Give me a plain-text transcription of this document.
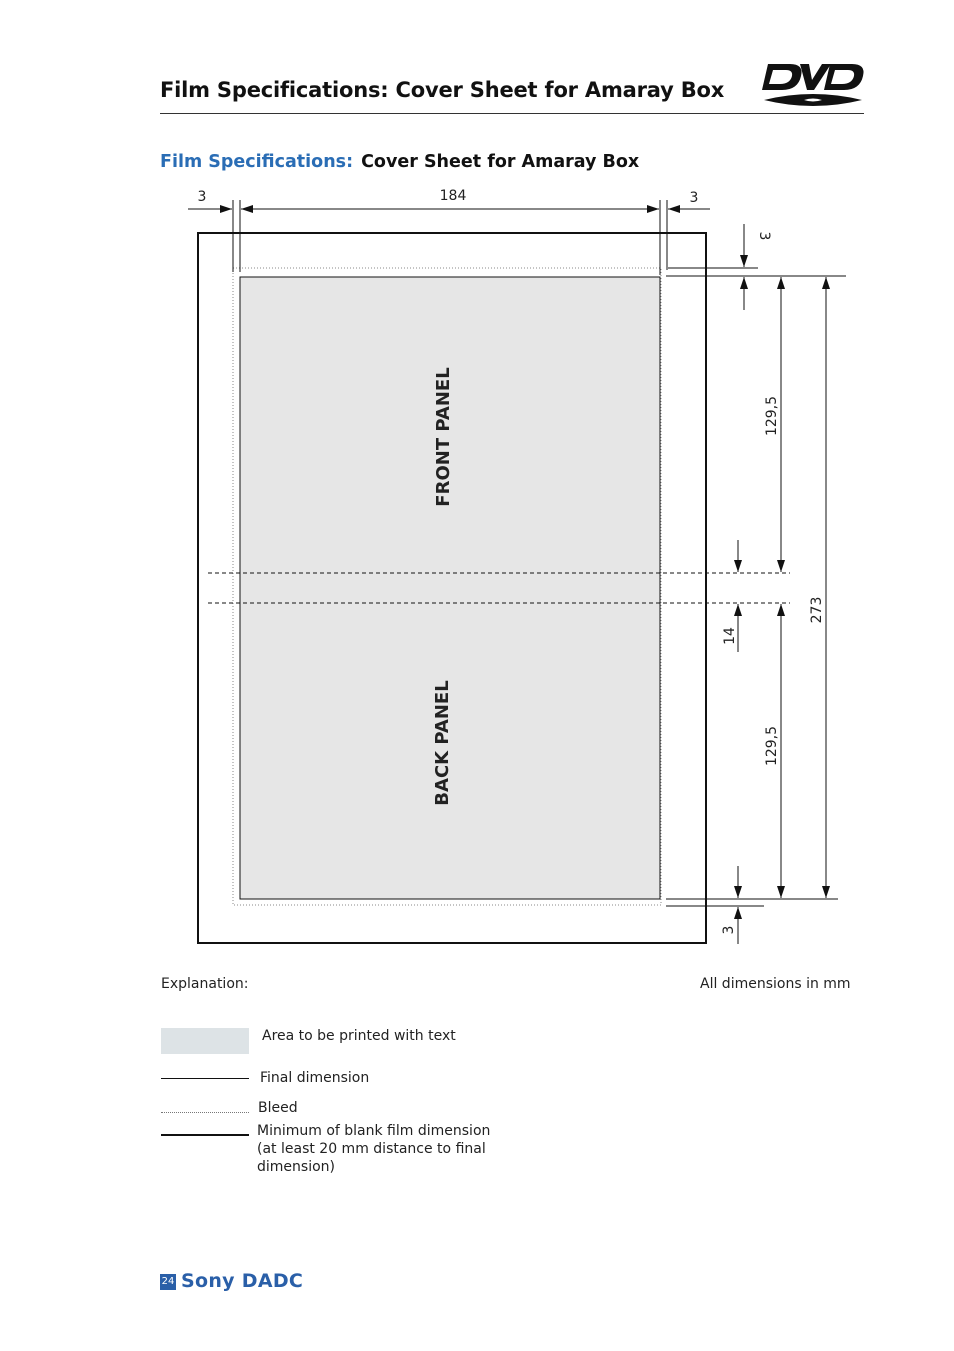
Film Specifications: Cover Sheet for Amaray Box
Film Specifications: Cover Sheet for Amaray Box
3	184	3
3
129,5
14
129,5
273
3
FRONT PANEL
BACK PANEL
Explanation:	All dimensions in mm
Area to be printed with text
Final dimension
Bleed
Minimum of blank film dimension
(at least 20 mm distance to final
dimension)
24 Sony DADC
